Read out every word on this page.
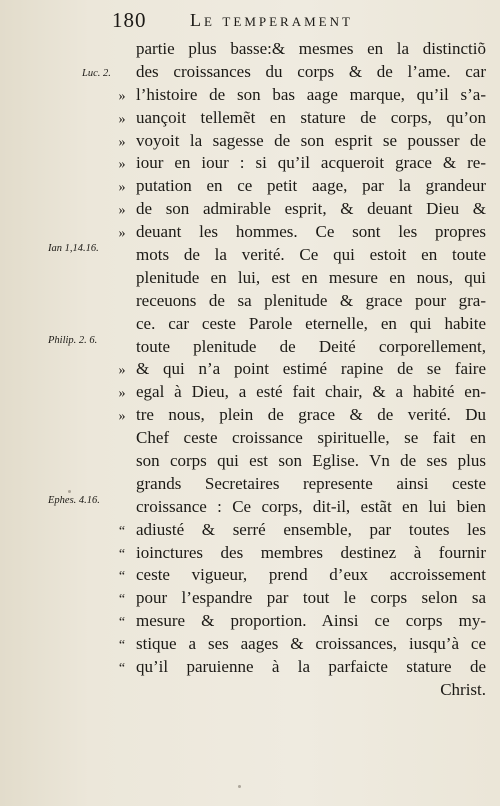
180 Le temperament
partie plus basse:& mesmes en la distinctiõ
Luc. 2.	des croissances du corps & de l’ame. car
» l’histoire de son bas aage marque, qu’il s’a-
» uançoit tellemẽt en stature de corps, qu’on
» voyoit la sagesse de son esprit se pousser de
» iour en iour : si qu’il acqueroit grace & re-
» putation en ce petit aage, par la grandeur
» de son admirable esprit, & deuant Dieu &
» deuant les hommes. Ce sont les propres
Ian 1,14.16.	mots de la verité. Ce qui estoit en toute
plenitude en lui, est en mesure en nous, qui
receuons de sa plenitude & grace pour gra-
ce. car ceste Parole eternelle, en qui habite
Philip. 2. 6.	toute plenitude de Deité corporellement,
» & qui n’a point estimé rapine de se faire
» egal à Dieu, a esté fait chair, & a habité en-
» tre nous, plein de grace & de verité. Du
Chef ceste croissance spirituelle, se fait en
son corps qui est son Eglise. Vn de ses plus
grands Secretaires represente ainsi ceste
Ephes. 4.16.	croissance : Ce corps, dit-il, estãt en lui bien
“ adiusté & serré ensemble, par toutes les
“ ioinctures des membres destinez à fournir
“ ceste vigueur, prend d’eux accroissement
“ pour l’espandre par tout le corps selon sa
“ mesure & proportion. Ainsi ce corps my-
“ stique a ses aages & croissances, iusqu’à ce
“ qu’il paruienne à la parfaicte stature de
Christ.
